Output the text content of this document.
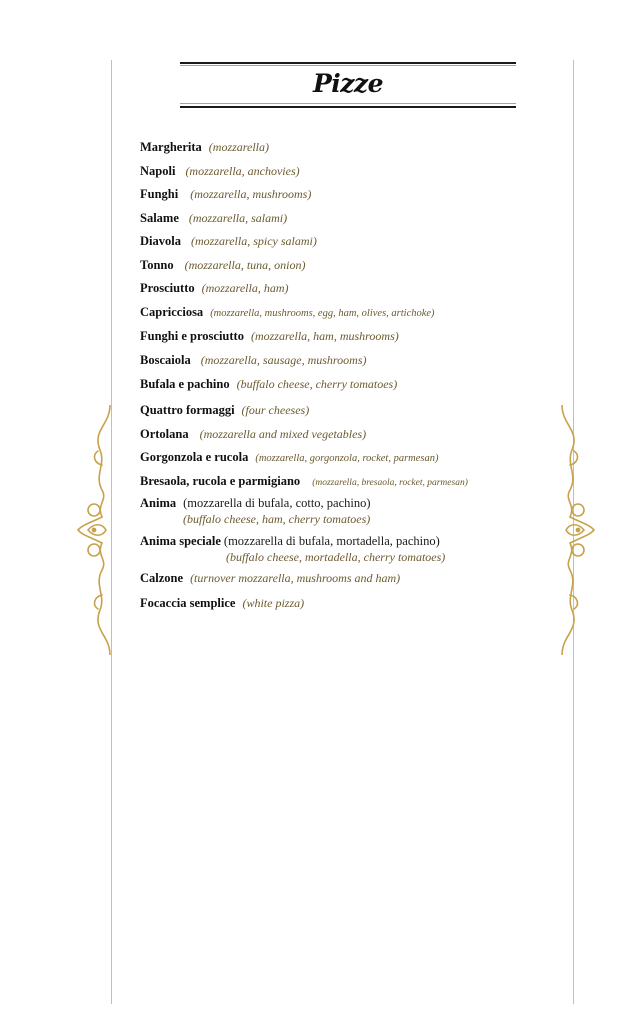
Pizze
Margherita (mozzarella)
Napoli (mozzarella, anchovies)
Funghi (mozzarella, mushrooms)
Salame (mozzarella, salami)
Diavola (mozzarella, spicy salami)
Tonno (mozzarella, tuna, onion)
Prosciutto (mozzarella, ham)
Capricciosa (mozzarella, mushrooms, egg, ham, olives, artichoke)
Funghi e prosciutto (mozzarella, ham, mushrooms)
Boscaiola (mozzarella, sausage, mushrooms)
Bufala e pachino (buffalo cheese, cherry tomatoes)
Quattro formaggi (four cheeses)
Ortolana (mozzarella and mixed vegetables)
Gorgonzola e rucola (mozzarella, gorgonzola, rocket, parmesan)
Bresaola, rucola e parmigiano (mozzarella, bresaola, rocket, parmesan)
Anima (mozzarella di bufala, cotto, pachino)
(buffalo cheese, ham, cherry tomatoes)
Anima speciale (mozzarella di bufala, mortadella, pachino)
(buffalo cheese, mortadella, cherry tomatoes)
Calzone (turnover mozzarella, mushrooms and ham)
Focaccia semplice (white pizza)
